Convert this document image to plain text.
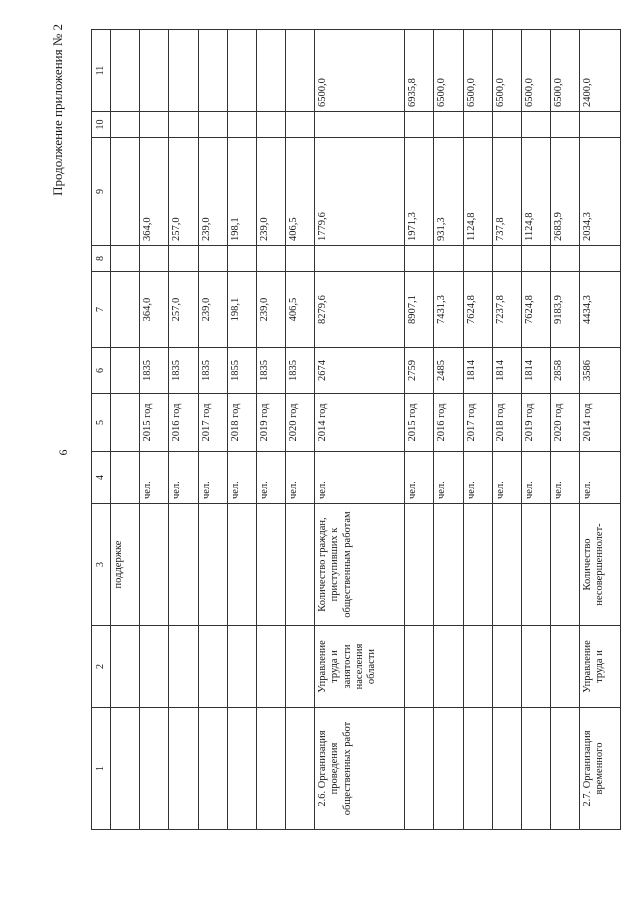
6
Продолжение приложения № 2
1	2	3	4	5	6	7	8	9	10	11
		поддержке								
			чел.	2015 год	1835	364,0		364,0		
			чел.	2016 год	1835	257,0		257,0		
			чел.	2017 год	1835	239,0		239,0		
			чел.	2018 год	1855	198,1		198,1		
			чел.	2019 год	1835	239,0		239,0		
			чел.	2020 год	1835	406,5		406,5		
2.6. Организация проведения общественных работ	Управление труда и занятости населения области	Количество граждан, приступивших к общественным работам	чел.	2014 год	2674	8279,6		1779,6		6500,0
			чел.	2015 год	2759	8907,1		1971,3		6935,8
			чел.	2016 год	2485	7431,3		931,3		6500,0
			чел.	2017 год	1814	7624,8		1124,8		6500,0
			чел.	2018 год	1814	7237,8		737,8		6500,0
			чел.	2019 год	1814	7624,8		1124,8		6500,0
			чел.	2020 год	2858	9183,9		2683,9		6500,0
2.7. Организация временного	Управление труда и	Количество несовершеннолет-	чел.	2014 год	3586	4434,3		2034,3		2400,0
